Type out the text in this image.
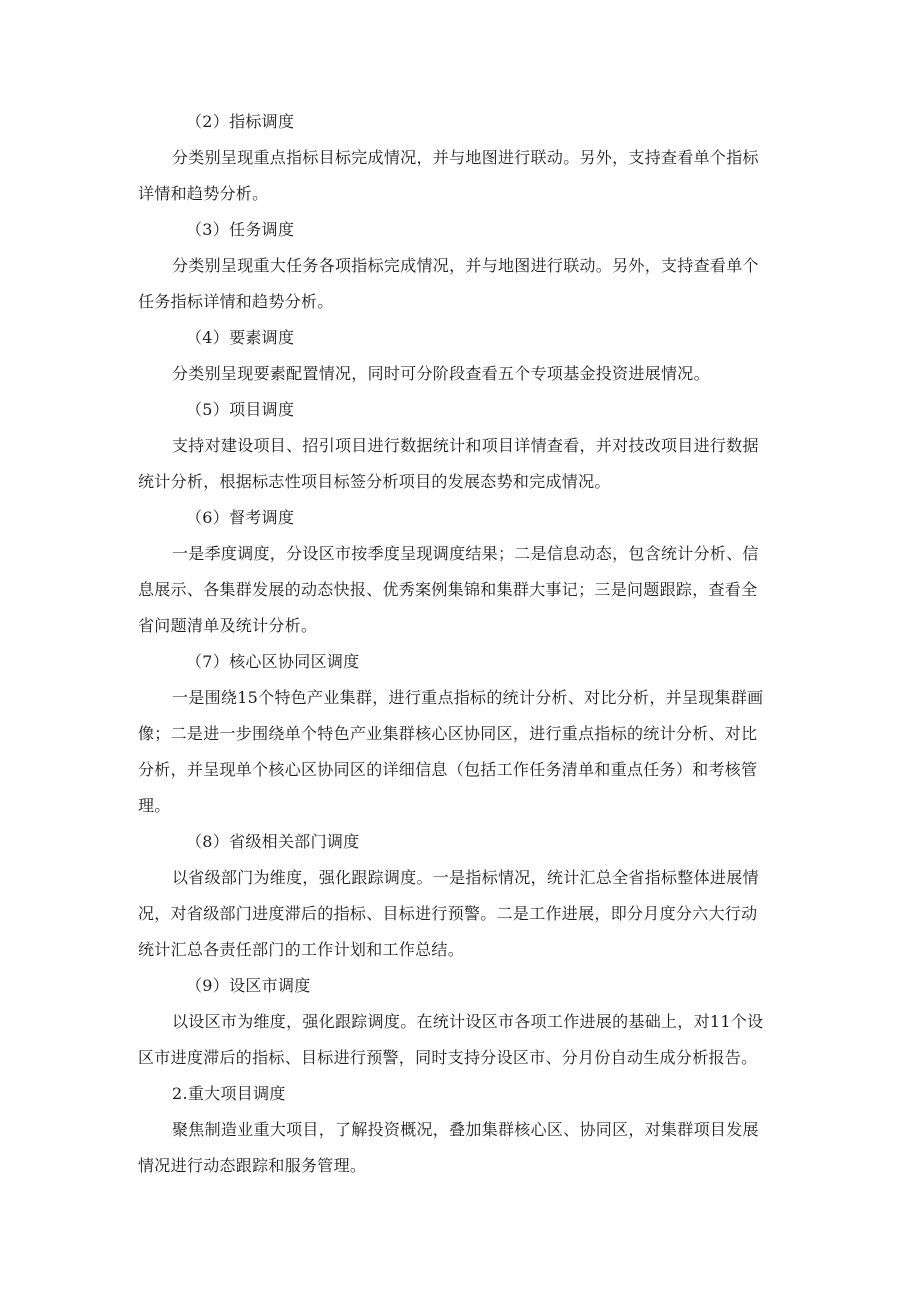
（2）指标调度
分类别呈现重点指标目标完成情况，并与地图进行联动。另外，支持查看单个指标
详情和趋势分析。
（3）任务调度
分类别呈现重大任务各项指标完成情况，并与地图进行联动。另外，支持查看单个
任务指标详情和趋势分析。
（4）要素调度
分类别呈现要素配置情况，同时可分阶段查看五个专项基金投资进展情况。
（5）项目调度
支持对建设项目、招引项目进行数据统计和项目详情查看，并对技改项目进行数据
统计分析，根据标志性项目标签分析项目的发展态势和完成情况。
（6）督考调度
一是季度调度，分设区市按季度呈现调度结果；二是信息动态，包含统计分析、信
息展示、各集群发展的动态快报、优秀案例集锦和集群大事记；三是问题跟踪，查看全
省问题清单及统计分析。
（7）核心区协同区调度
一是围绕15个特色产业集群，进行重点指标的统计分析、对比分析，并呈现集群画
像；二是进一步围绕单个特色产业集群核心区协同区，进行重点指标的统计分析、对比
分析，并呈现单个核心区协同区的详细信息（包括工作任务清单和重点任务）和考核管
理。
（8）省级相关部门调度
以省级部门为维度，强化跟踪调度。一是指标情况，统计汇总全省指标整体进展情
况，对省级部门进度滞后的指标、目标进行预警。二是工作进展，即分月度分六大行动
统计汇总各责任部门的工作计划和工作总结。
（9）设区市调度
以设区市为维度，强化跟踪调度。在统计设区市各项工作进展的基础上，对11个设
区市进度滞后的指标、目标进行预警，同时支持分设区市、分月份自动生成分析报告。
2.重大项目调度
聚焦制造业重大项目，了解投资概况，叠加集群核心区、协同区，对集群项目发展
情况进行动态跟踪和服务管理。
